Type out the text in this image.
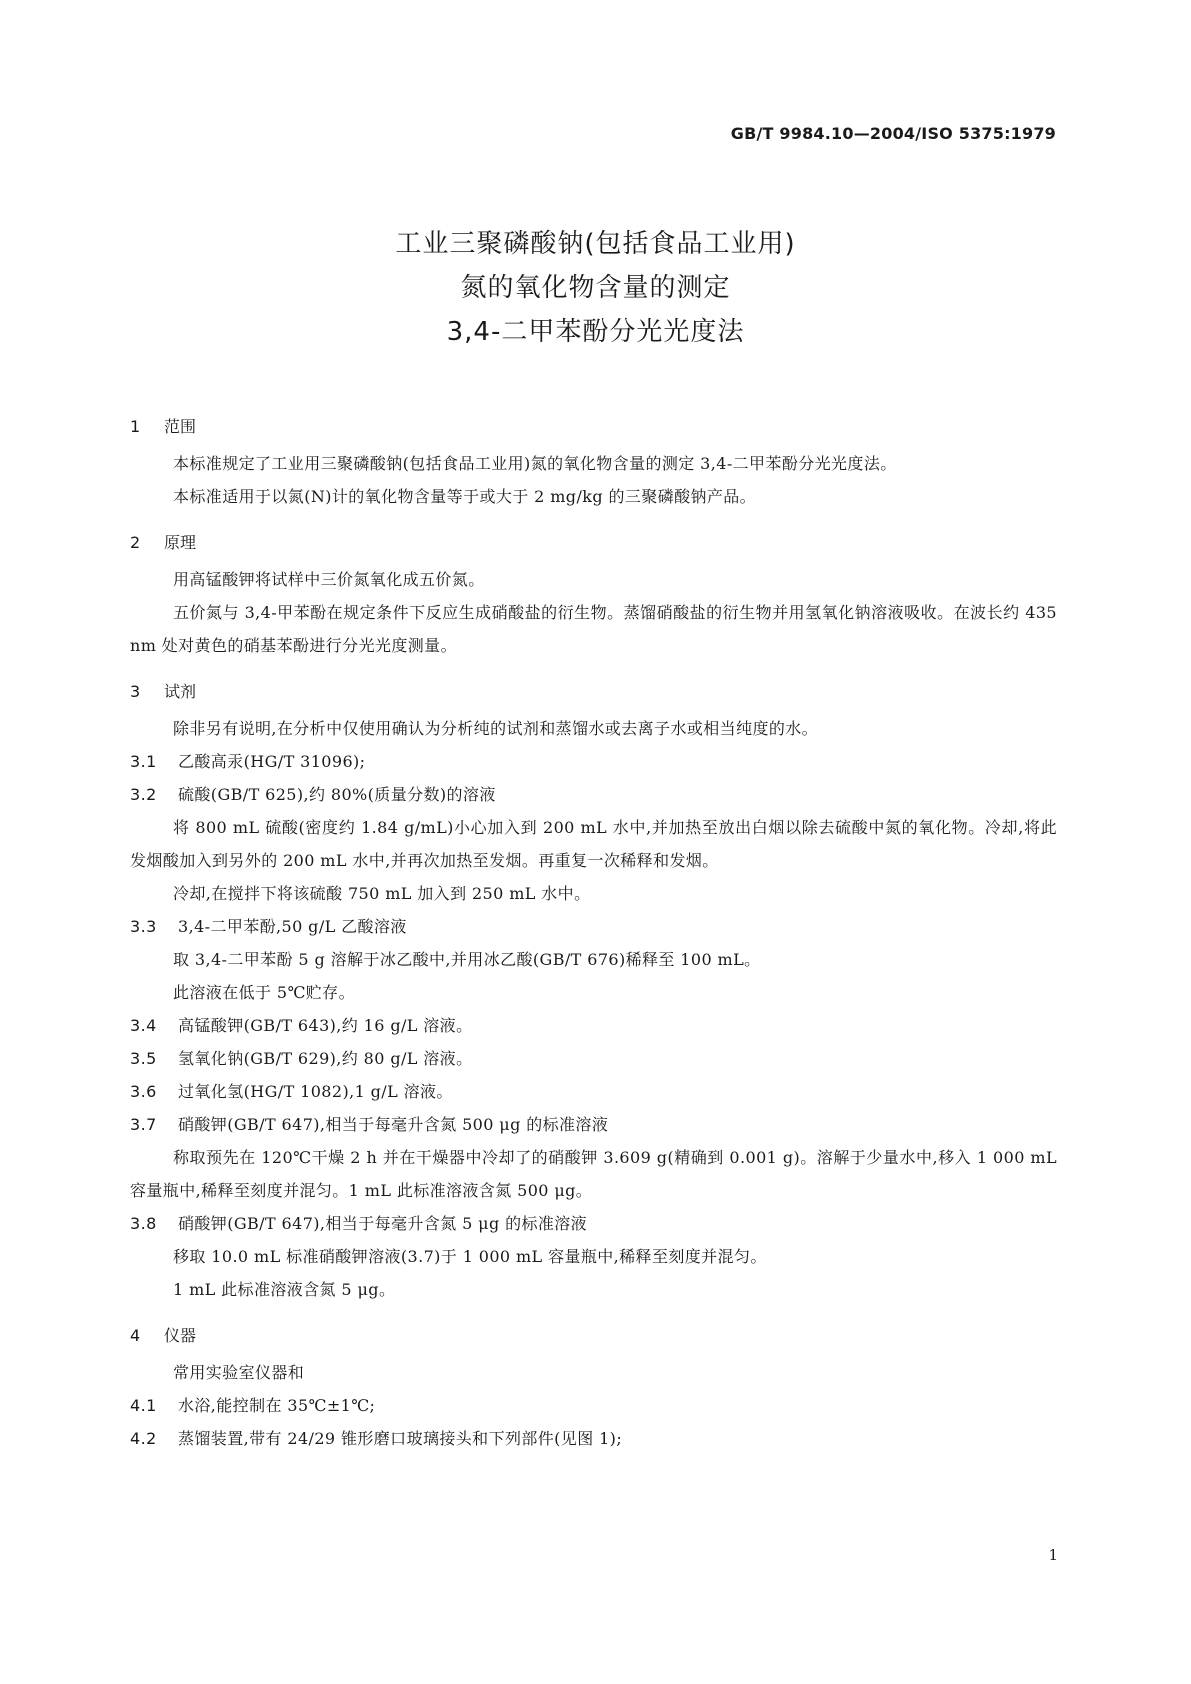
GB/T 9984.10—2004/ISO 5375:1979
工业三聚磷酸钠(包括食品工业用)
氮的氧化物含量的测定
3,4-二甲苯酚分光光度法
1 范围

本标准规定了工业用三聚磷酸钠(包括食品工业用)氮的氧化物含量的测定 3,4-二甲苯酚分光光度法。

本标准适用于以氮(N)计的氧化物含量等于或大于 2 mg/kg 的三聚磷酸钠产品。

2 原理

用高锰酸钾将试样中三价氮氧化成五价氮。

五价氮与 3,4-甲苯酚在规定条件下反应生成硝酸盐的衍生物。蒸馏硝酸盐的衍生物并用氢氧化钠溶液吸收。在波长约 435 nm 处对黄色的硝基苯酚进行分光光度测量。

3 试剂

除非另有说明,在分析中仅使用确认为分析纯的试剂和蒸馏水或去离子水或相当纯度的水。

3.1 乙酸高汞(HG/T 31096);

3.2 硫酸(GB/T 625),约 80%(质量分数)的溶液

将 800 mL 硫酸(密度约 1.84 g/mL)小心加入到 200 mL 水中,并加热至放出白烟以除去硫酸中氮的氧化物。冷却,将此发烟酸加入到另外的 200 mL 水中,并再次加热至发烟。再重复一次稀释和发烟。

冷却,在搅拌下将该硫酸 750 mL 加入到 250 mL 水中。

3.3 3,4-二甲苯酚,50 g/L 乙酸溶液

取 3,4-二甲苯酚 5 g 溶解于冰乙酸中,并用冰乙酸(GB/T 676)稀释至 100 mL。

此溶液在低于 5℃贮存。

3.4 高锰酸钾(GB/T 643),约 16 g/L 溶液。

3.5 氢氧化钠(GB/T 629),约 80 g/L 溶液。

3.6 过氧化氢(HG/T 1082),1 g/L 溶液。

3.7 硝酸钾(GB/T 647),相当于每毫升含氮 500 μg 的标准溶液

称取预先在 120℃干燥 2 h 并在干燥器中冷却了的硝酸钾 3.609 g(精确到 0.001 g)。溶解于少量水中,移入 1 000 mL 容量瓶中,稀释至刻度并混匀。1 mL 此标准溶液含氮 500 μg。

3.8 硝酸钾(GB/T 647),相当于每毫升含氮 5 μg 的标准溶液

移取 10.0 mL 标准硝酸钾溶液(3.7)于 1 000 mL 容量瓶中,稀释至刻度并混匀。

1 mL 此标准溶液含氮 5 μg。

4 仪器

常用实验室仪器和

4.1 水浴,能控制在 35℃±1℃;

4.2 蒸馏装置,带有 24/29 锥形磨口玻璃接头和下列部件(见图 1);

1
